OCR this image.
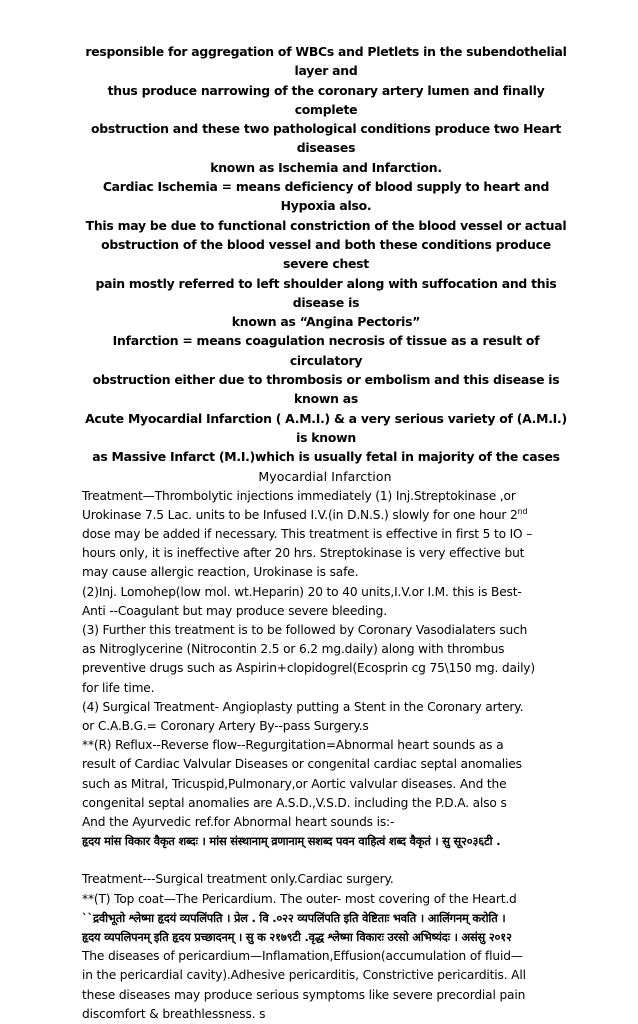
responsible for aggregation of WBCs and Pletlets in the subendothelial layer and

thus produce narrowing of the coronary artery lumen and finally complete

obstruction and these two pathological conditions produce two Heart diseases

known as Ischemia and Infarction.

Cardiac Ischemia = means deficiency of blood supply to heart and Hypoxia also.

This may be due to functional constriction of the blood vessel or actual

obstruction of the blood vessel and both these conditions produce severe chest

pain mostly referred to left shoulder along with suffocation and this disease is

known as “Angina Pectoris”

Infarction = means coagulation necrosis of tissue as a result of circulatory

obstruction either due to thrombosis or embolism and this disease is known as

Acute Myocardial Infarction ( A.M.I.) & a very serious variety of (A.M.I.) is known

as Massive Infarct (M.I.)which is usually fetal in majority of the cases

Myocardial Infarction

Treatment—Thrombolytic injections immediately (1) Inj.Streptokinase ,or

Urokinase 7.5 Lac. units to be Infused I.V.(in D.N.S.) slowly for one hour 2nd

dose may be added if necessary. This treatment is effective in first 5 to IO –

hours only, it is ineffective after 20 hrs. Streptokinase is very effective but

may cause allergic reaction, Urokinase is safe.

(2)Inj. Lomohep(low mol. wt.Heparin) 20 to 40 units,I.V.or I.M. this is Best-

Anti --Coagulant but may produce severe bleeding.

(3) Further this treatment is to be followed by Coronary Vasodialaters such

as Nitroglycerine (Nitrocontin 2.5 or 6.2 mg.daily) along with thrombus

preventive drugs such as Aspirin+clopidogrel(Ecosprin cg 75\150 mg. daily)

for life time.

(4) Surgical Treatment- Angioplasty putting a Stent in the Coronary artery.

or C.A.B.G.= Coronary Artery By--pass Surgery.s

**(R) Reflux--Reverse flow--Regurgitation=Abnormal heart sounds as a

result of Cardiac Valvular Diseases or congenital cardiac septal anomalies

such as Mitral, Tricuspid,Pulmonary,or Aortic valvular diseases. And the

congenital septal anomalies are A.S.D.,V.S.D. including the P.D.A. also s

And the Ayurvedic ref.for Abnormal heart sounds is:-

हृदय मांस विकार वैकृत शब्दः । मांस संस्थानाम् व्रणानाम् सशब्द पवन वाहित्वं शब्द वैकृतं । सु सू२०३६टी .

Treatment---Surgical treatment only.Cardiac surgery.

**(T) Top coat—The Pericardium. The outer- most covering of the Heart.d

``द्रवीभूतो श्लेष्मा हृदयं व्यपलिंपति । प्रेल . वि .०२२ व्यपलिंपति इति वेष्टिताः भवति । आलिंगनम् करोति ।

हृदय व्यपलिपनम् इति हृदय प्रच्छादनम् । सु क २१७९टी .वृद्ध श्लेष्मा विकारः उरसो अभिष्यंदः । असंसु २०१२

The diseases of pericardium—Inflamation,Effusion(accumulation of fluid—

in the pericardial cavity).Adhesive pericarditis, Constrictive pericarditis. All

these diseases may produce serious symptoms like severe precordial pain

discomfort & breathlessness. s
